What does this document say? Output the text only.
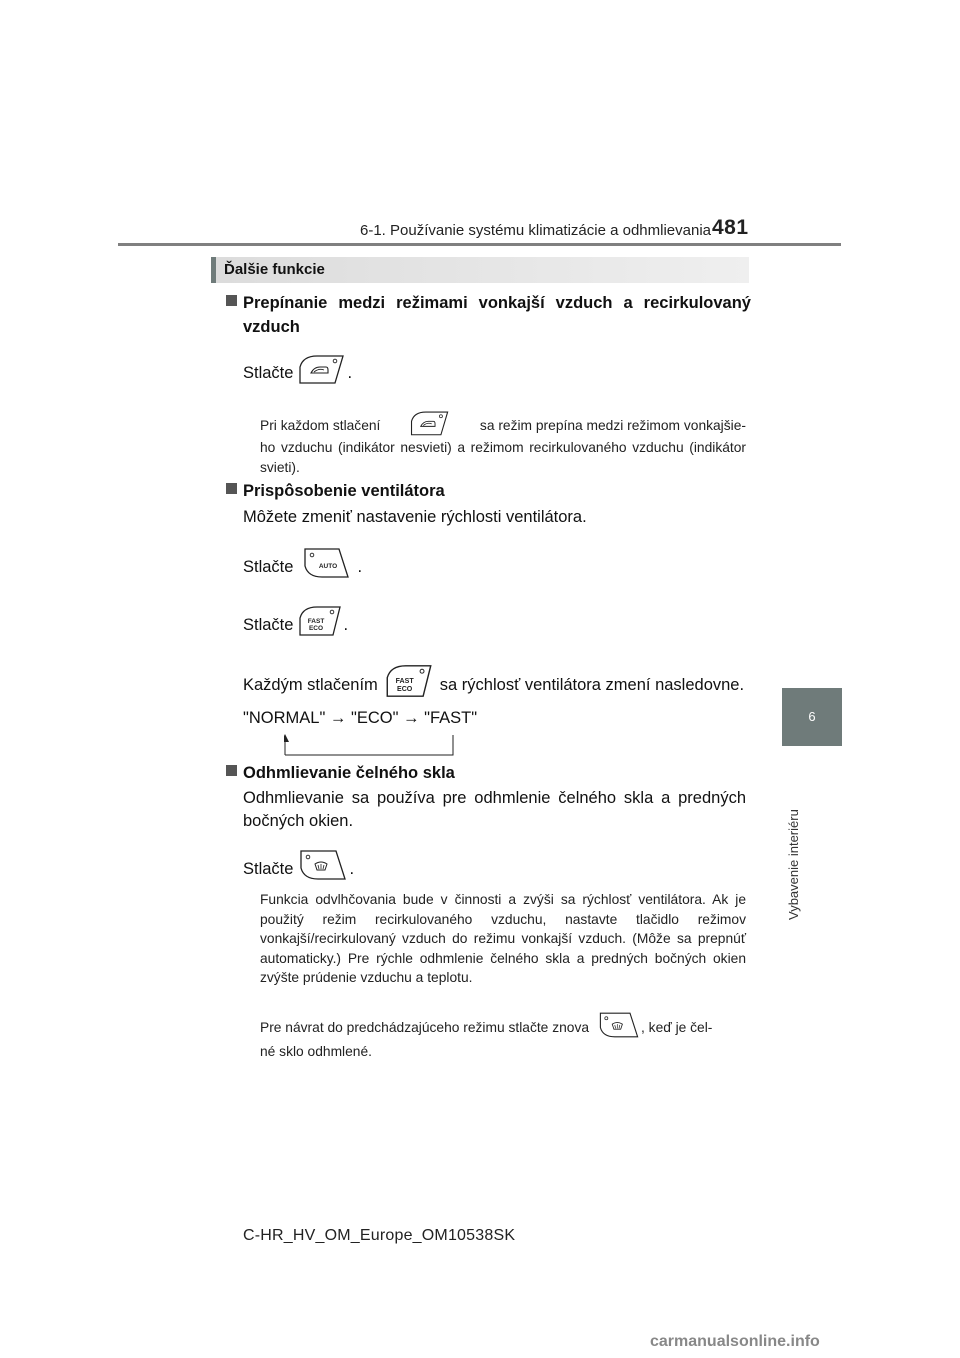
6-1. Používanie systému klimatizácie a odhmlievania 481
6
Vybavenie interiéru
Ďalšie funkcie
Prepínanie medzi režimami vonkajší vzduch a recirkulovaný vzduch
Stlačte	.
Pri každom stlačení	sa režim prepína medzi režimom vonkajšie-
ho vzduchu (indikátor nesvieti) a režimom recirkulovaného vzduchu (indikátor svieti).
Prispôsobenie ventilátora
Môžete zmeniť nastavenie rýchlosti ventilátora.
Stlačte	AUTO .
Stlačte FAST
ECO .
Každým stlačením	FAST
ECO sa rýchlosť ventilátora zmení nasledovne.
"NORMAL" → "ECO" → "FAST"
Odhmlievanie čelného skla
Odhmlievanie sa používa pre odhmlenie čelného skla a predných bočných okien.
Stlačte	.
Funkcia odvlhčovania bude v činnosti a zvýši sa rýchlosť ventilátora. Ak je použitý režim recirkulovaného vzduchu, nastavte tlačidlo režimov vonkajší/recirkulovaný vzduch do režimu vonkajší vzduch. (Môže sa prepnúť automaticky.) Pre rýchle odhmlenie čelného skla a predných bočných okien zvýšte prúdenie vzduchu a teplotu.
Pre návrat do predchádzajúceho režimu stlačte znova	, keď je čel-
né sklo odhmlené.
C-HR_HV_OM_Europe_OM10538SK
carmanualsonline.info
